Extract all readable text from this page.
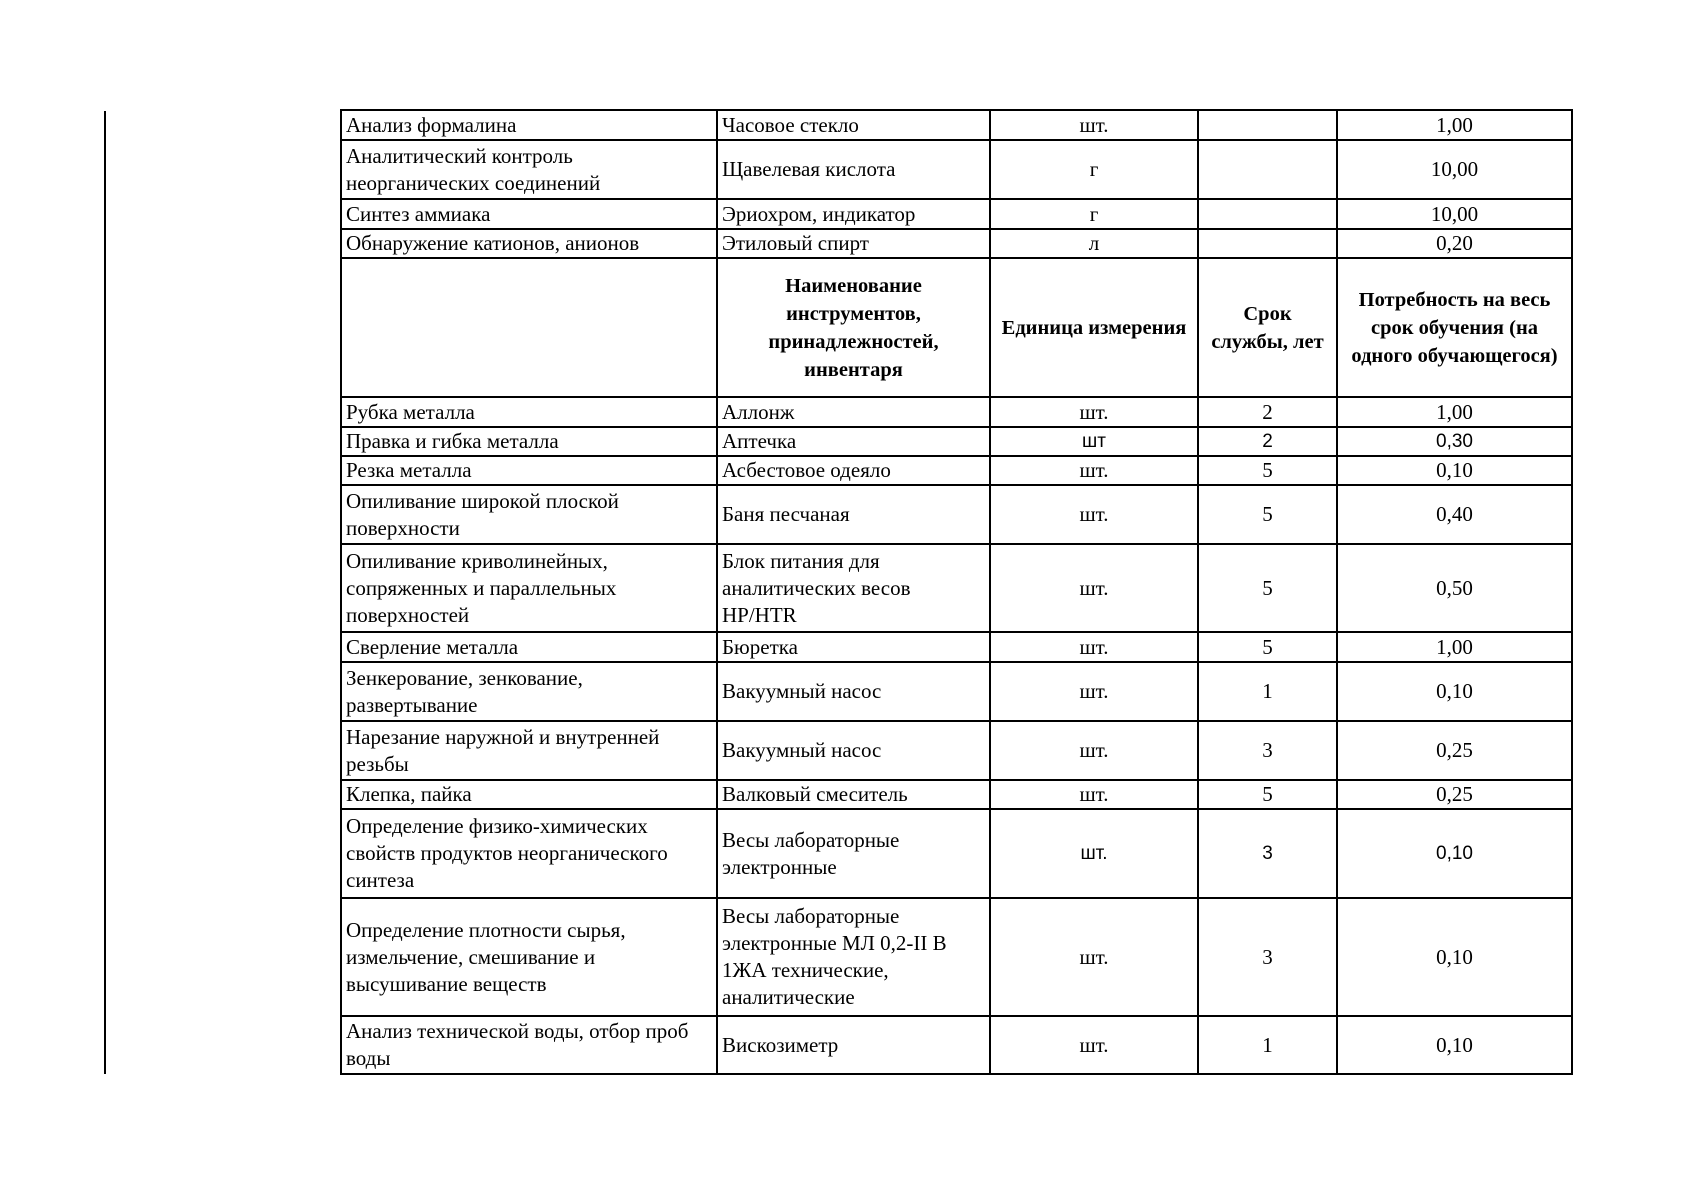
Анализ формалина	Часовое стекло	шт.		1,00
Аналитический контроль неорганических соединений	Щавелевая кислота	г		10,00
Синтез аммиака	Эриохром, индикатор	г		10,00
Обнаружение катионов, анионов	Этиловый спирт	л		0,20
	Наименование инструментов, принадлежностей, инвентаря	Единица измерения	Срок службы, лет	Потребность на весь срок обучения (на одного обучающегося)
Рубка металла	Аллонж	шт.	2	1,00
Правка и гибка металла	Аптечка	шт	2	0,30
Резка металла	Асбестовое одеяло	шт.	5	0,10
Опиливание широкой плоской поверхности	Баня песчаная	шт.	5	0,40
Опиливание криволинейных, сопряженных и параллельных поверхностей	Блок питания для аналитических весов HP/HTR	шт.	5	0,50
Сверление металла	Бюретка	шт.	5	1,00
Зенкерование, зенкование, развертывание	Вакуумный насос	шт.	1	0,10
Нарезание наружной и внутренней резьбы	Вакуумный насос	шт.	3	0,25
Клепка, пайка	Валковый смеситель	шт.	5	0,25
Определение физико-химических свойств продуктов неорганического синтеза	Весы лабораторные электронные	шт.	3	0,10
Определение плотности сырья, измельчение, смешивание и высушивание веществ	Весы лабораторные электронные МЛ 0,2-II В 1ЖА технические, аналитические	шт.	3	0,10
Анализ технической воды, отбор проб воды	Вискозиметр	шт.	1	0,10
